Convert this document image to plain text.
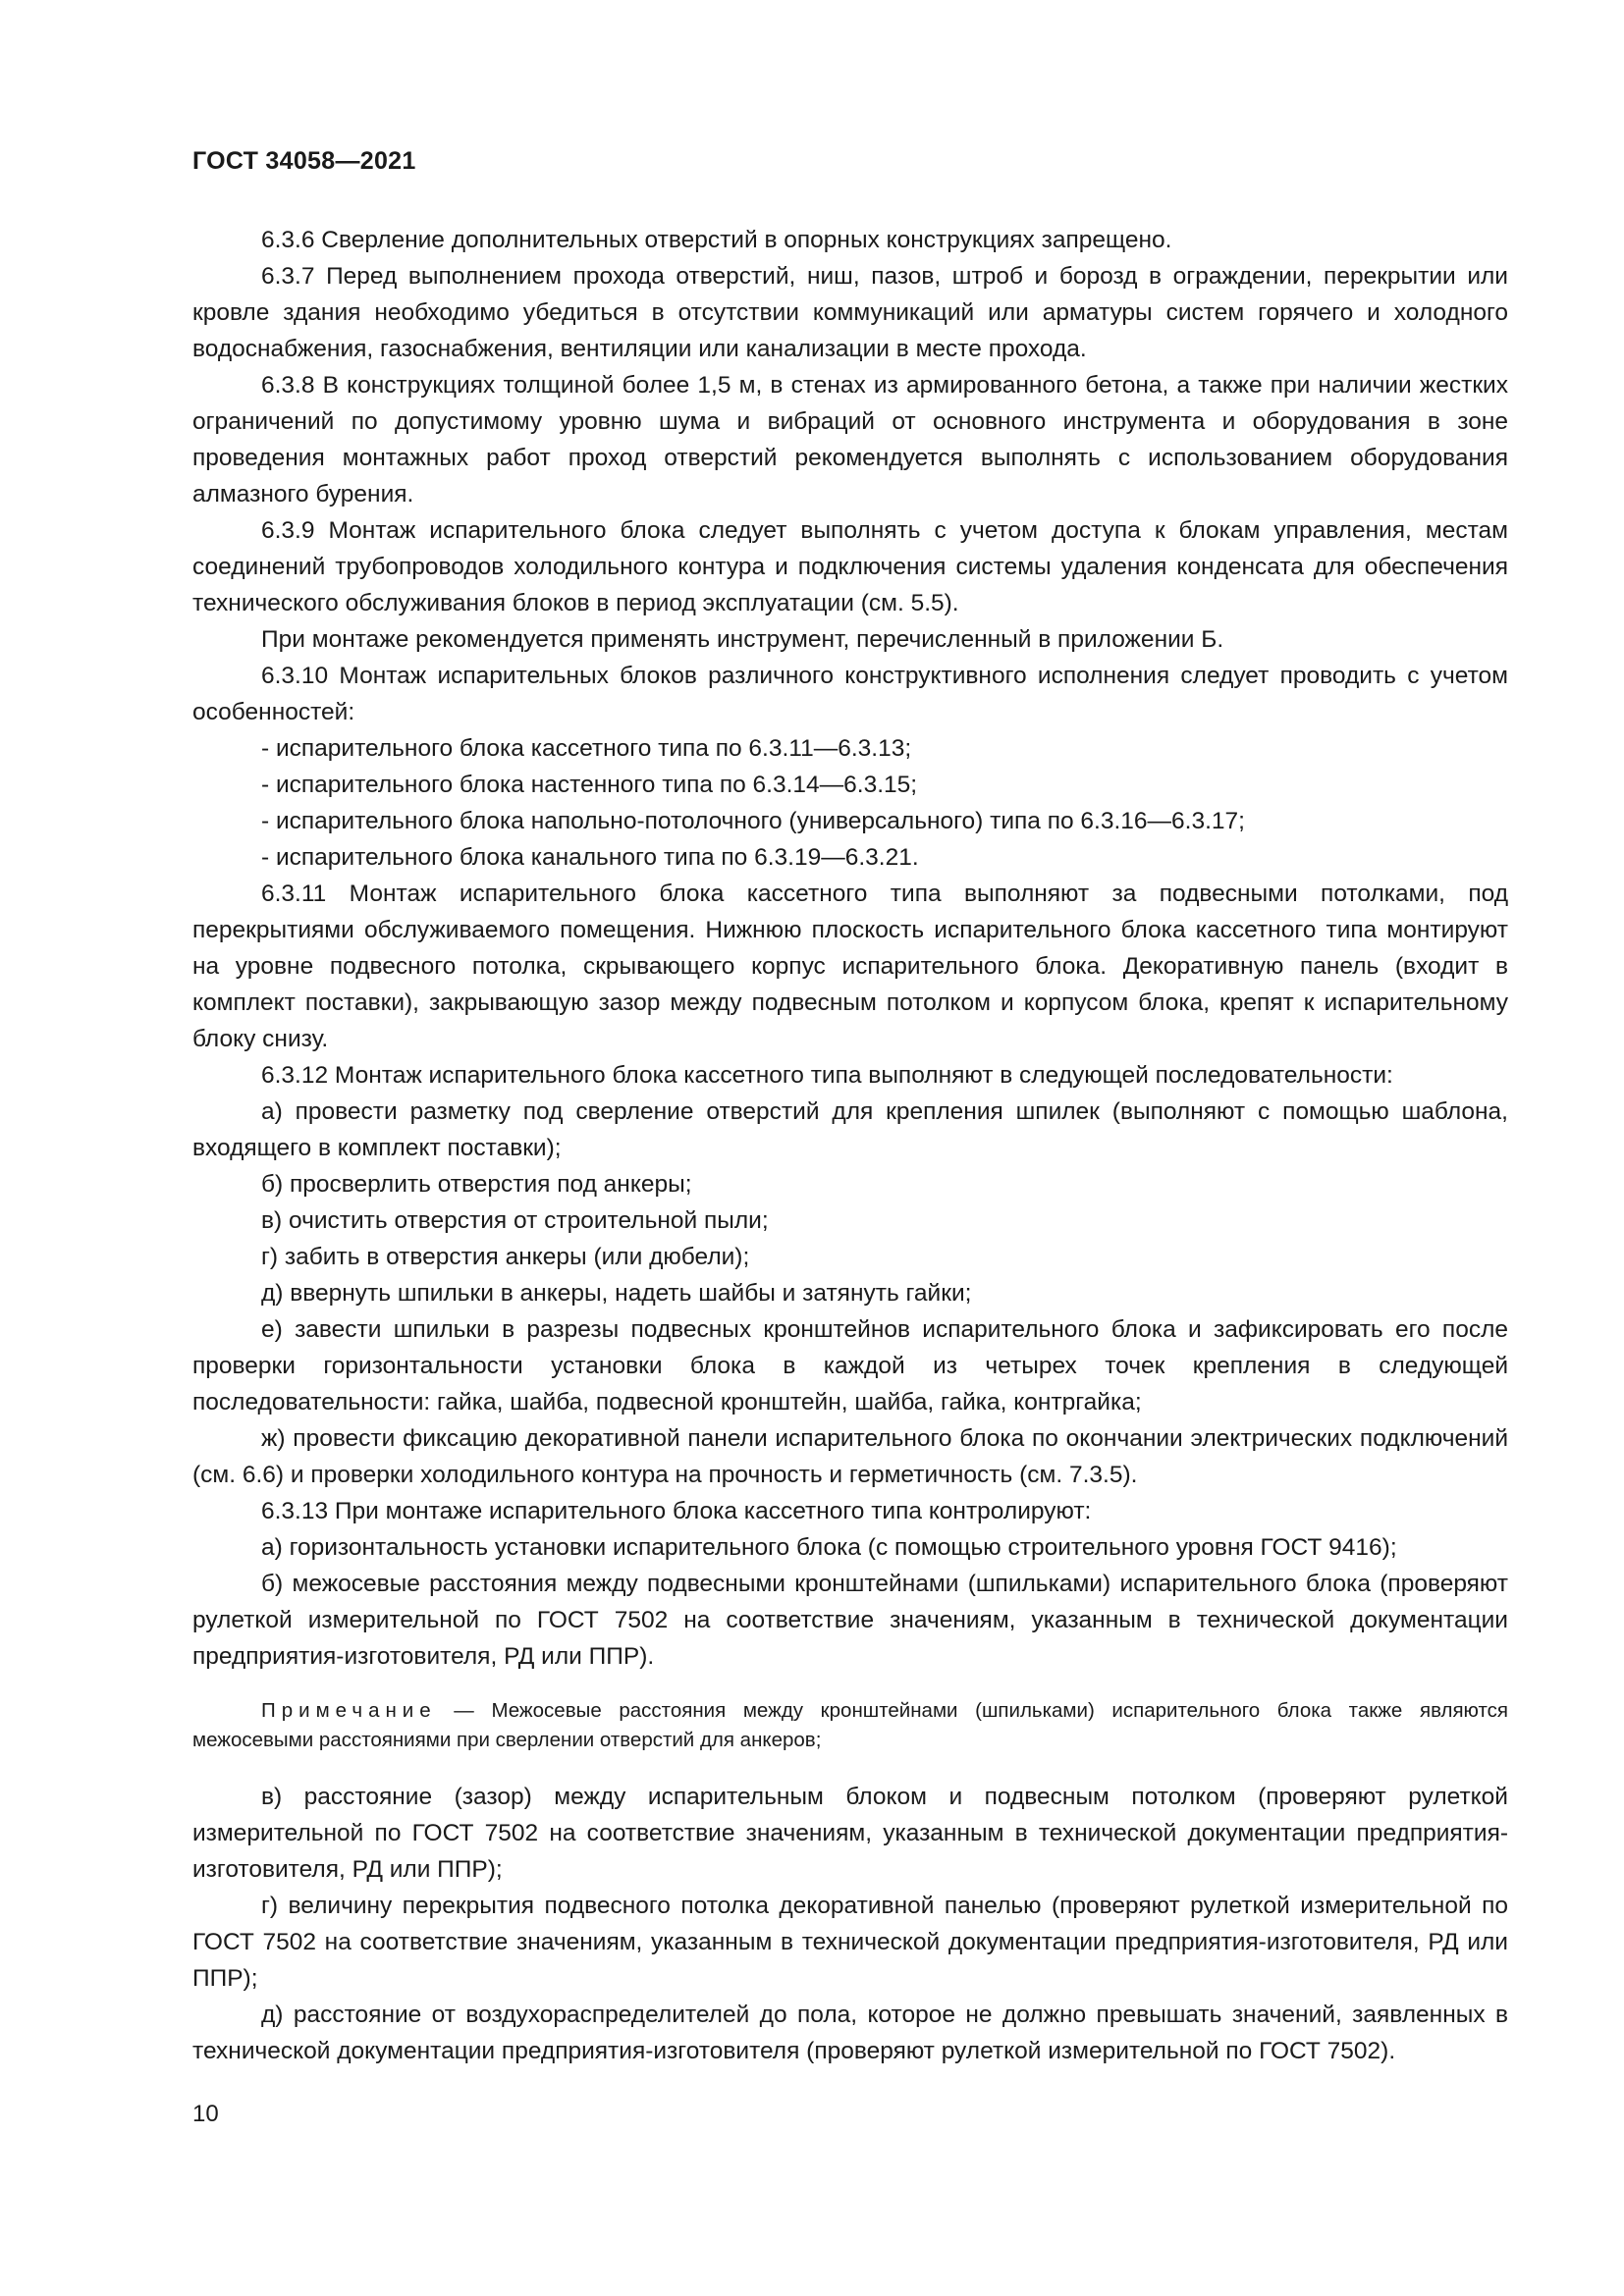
ГОСТ 34058—2021

6.3.6 Сверление дополнительных отверстий в опорных конструкциях запрещено.

6.3.7 Перед выполнением прохода отверстий, ниш, пазов, штроб и борозд в ограждении, перекрытии или кровле здания необходимо убедиться в отсутствии коммуникаций или арматуры систем горячего и холодного водоснабжения, газоснабжения, вентиляции или канализации в месте прохода.

6.3.8 В конструкциях толщиной более 1,5 м, в стенах из армированного бетона, а также при наличии жестких ограничений по допустимому уровню шума и вибраций от основного инструмента и оборудования в зоне проведения монтажных работ проход отверстий рекомендуется выполнять с использованием оборудования алмазного бурения.

6.3.9 Монтаж испарительного блока следует выполнять с учетом доступа к блокам управления, местам соединений трубопроводов холодильного контура и подключения системы удаления конденсата для обеспечения технического обслуживания блоков в период эксплуатации (см. 5.5).

При монтаже рекомендуется применять инструмент, перечисленный в приложении Б.

6.3.10 Монтаж испарительных блоков различного конструктивного исполнения следует проводить с учетом особенностей:

- испарительного блока кассетного типа по 6.3.11—6.3.13;

- испарительного блока настенного типа по 6.3.14—6.3.15;

- испарительного блока напольно-потолочного (универсального) типа по 6.3.16—6.3.17;

- испарительного блока канального типа по 6.3.19—6.3.21.

6.3.11 Монтаж испарительного блока кассетного типа выполняют за подвесными потолками, под перекрытиями обслуживаемого помещения. Нижнюю плоскость испарительного блока кассетного типа монтируют на уровне подвесного потолка, скрывающего корпус испарительного блока. Декоративную панель (входит в комплект поставки), закрывающую зазор между подвесным потолком и корпусом блока, крепят к испарительному блоку снизу.

6.3.12 Монтаж испарительного блока кассетного типа выполняют в следующей последовательности:

а) провести разметку под сверление отверстий для крепления шпилек (выполняют с помощью шаблона, входящего в комплект поставки);

б) просверлить отверстия под анкеры;

в) очистить отверстия от строительной пыли;

г) забить в отверстия анкеры (или дюбели);

д) ввернуть шпильки в анкеры, надеть шайбы и затянуть гайки;

е) завести шпильки в разрезы подвесных кронштейнов испарительного блока и зафиксировать его после проверки горизонтальности установки блока в каждой из четырех точек крепления в следующей последовательности: гайка, шайба, подвесной кронштейн, шайба, гайка, контргайка;

ж) провести фиксацию декоративной панели испарительного блока по окончании электрических подключений (см. 6.6) и проверки холодильного контура на прочность и герметичность (см. 7.3.5).

6.3.13 При монтаже испарительного блока кассетного типа контролируют:

а) горизонтальность установки испарительного блока (с помощью строительного уровня ГОСТ 9416);

б) межосевые расстояния между подвесными кронштейнами (шпильками) испарительного блока (проверяют рулеткой измерительной по ГОСТ 7502 на соответствие значениям, указанным в технической документации предприятия-изготовителя, РД или ППР).

Примечание — Межосевые расстояния между кронштейнами (шпильками) испарительного блока также являются межосевыми расстояниями при сверлении отверстий для анкеров;

в) расстояние (зазор) между испарительным блоком и подвесным потолком (проверяют рулеткой измерительной по ГОСТ 7502 на соответствие значениям, указанным в технической документации предприятия-изготовителя, РД или ППР);

г) величину перекрытия подвесного потолка декоративной панелью (проверяют рулеткой измерительной по ГОСТ 7502 на соответствие значениям, указанным в технической документации предприятия-изготовителя, РД или ППР);

д) расстояние от воздухораспределителей до пола, которое не должно превышать значений, заявленных в технической документации предприятия-изготовителя (проверяют рулеткой измерительной по ГОСТ 7502).

10
